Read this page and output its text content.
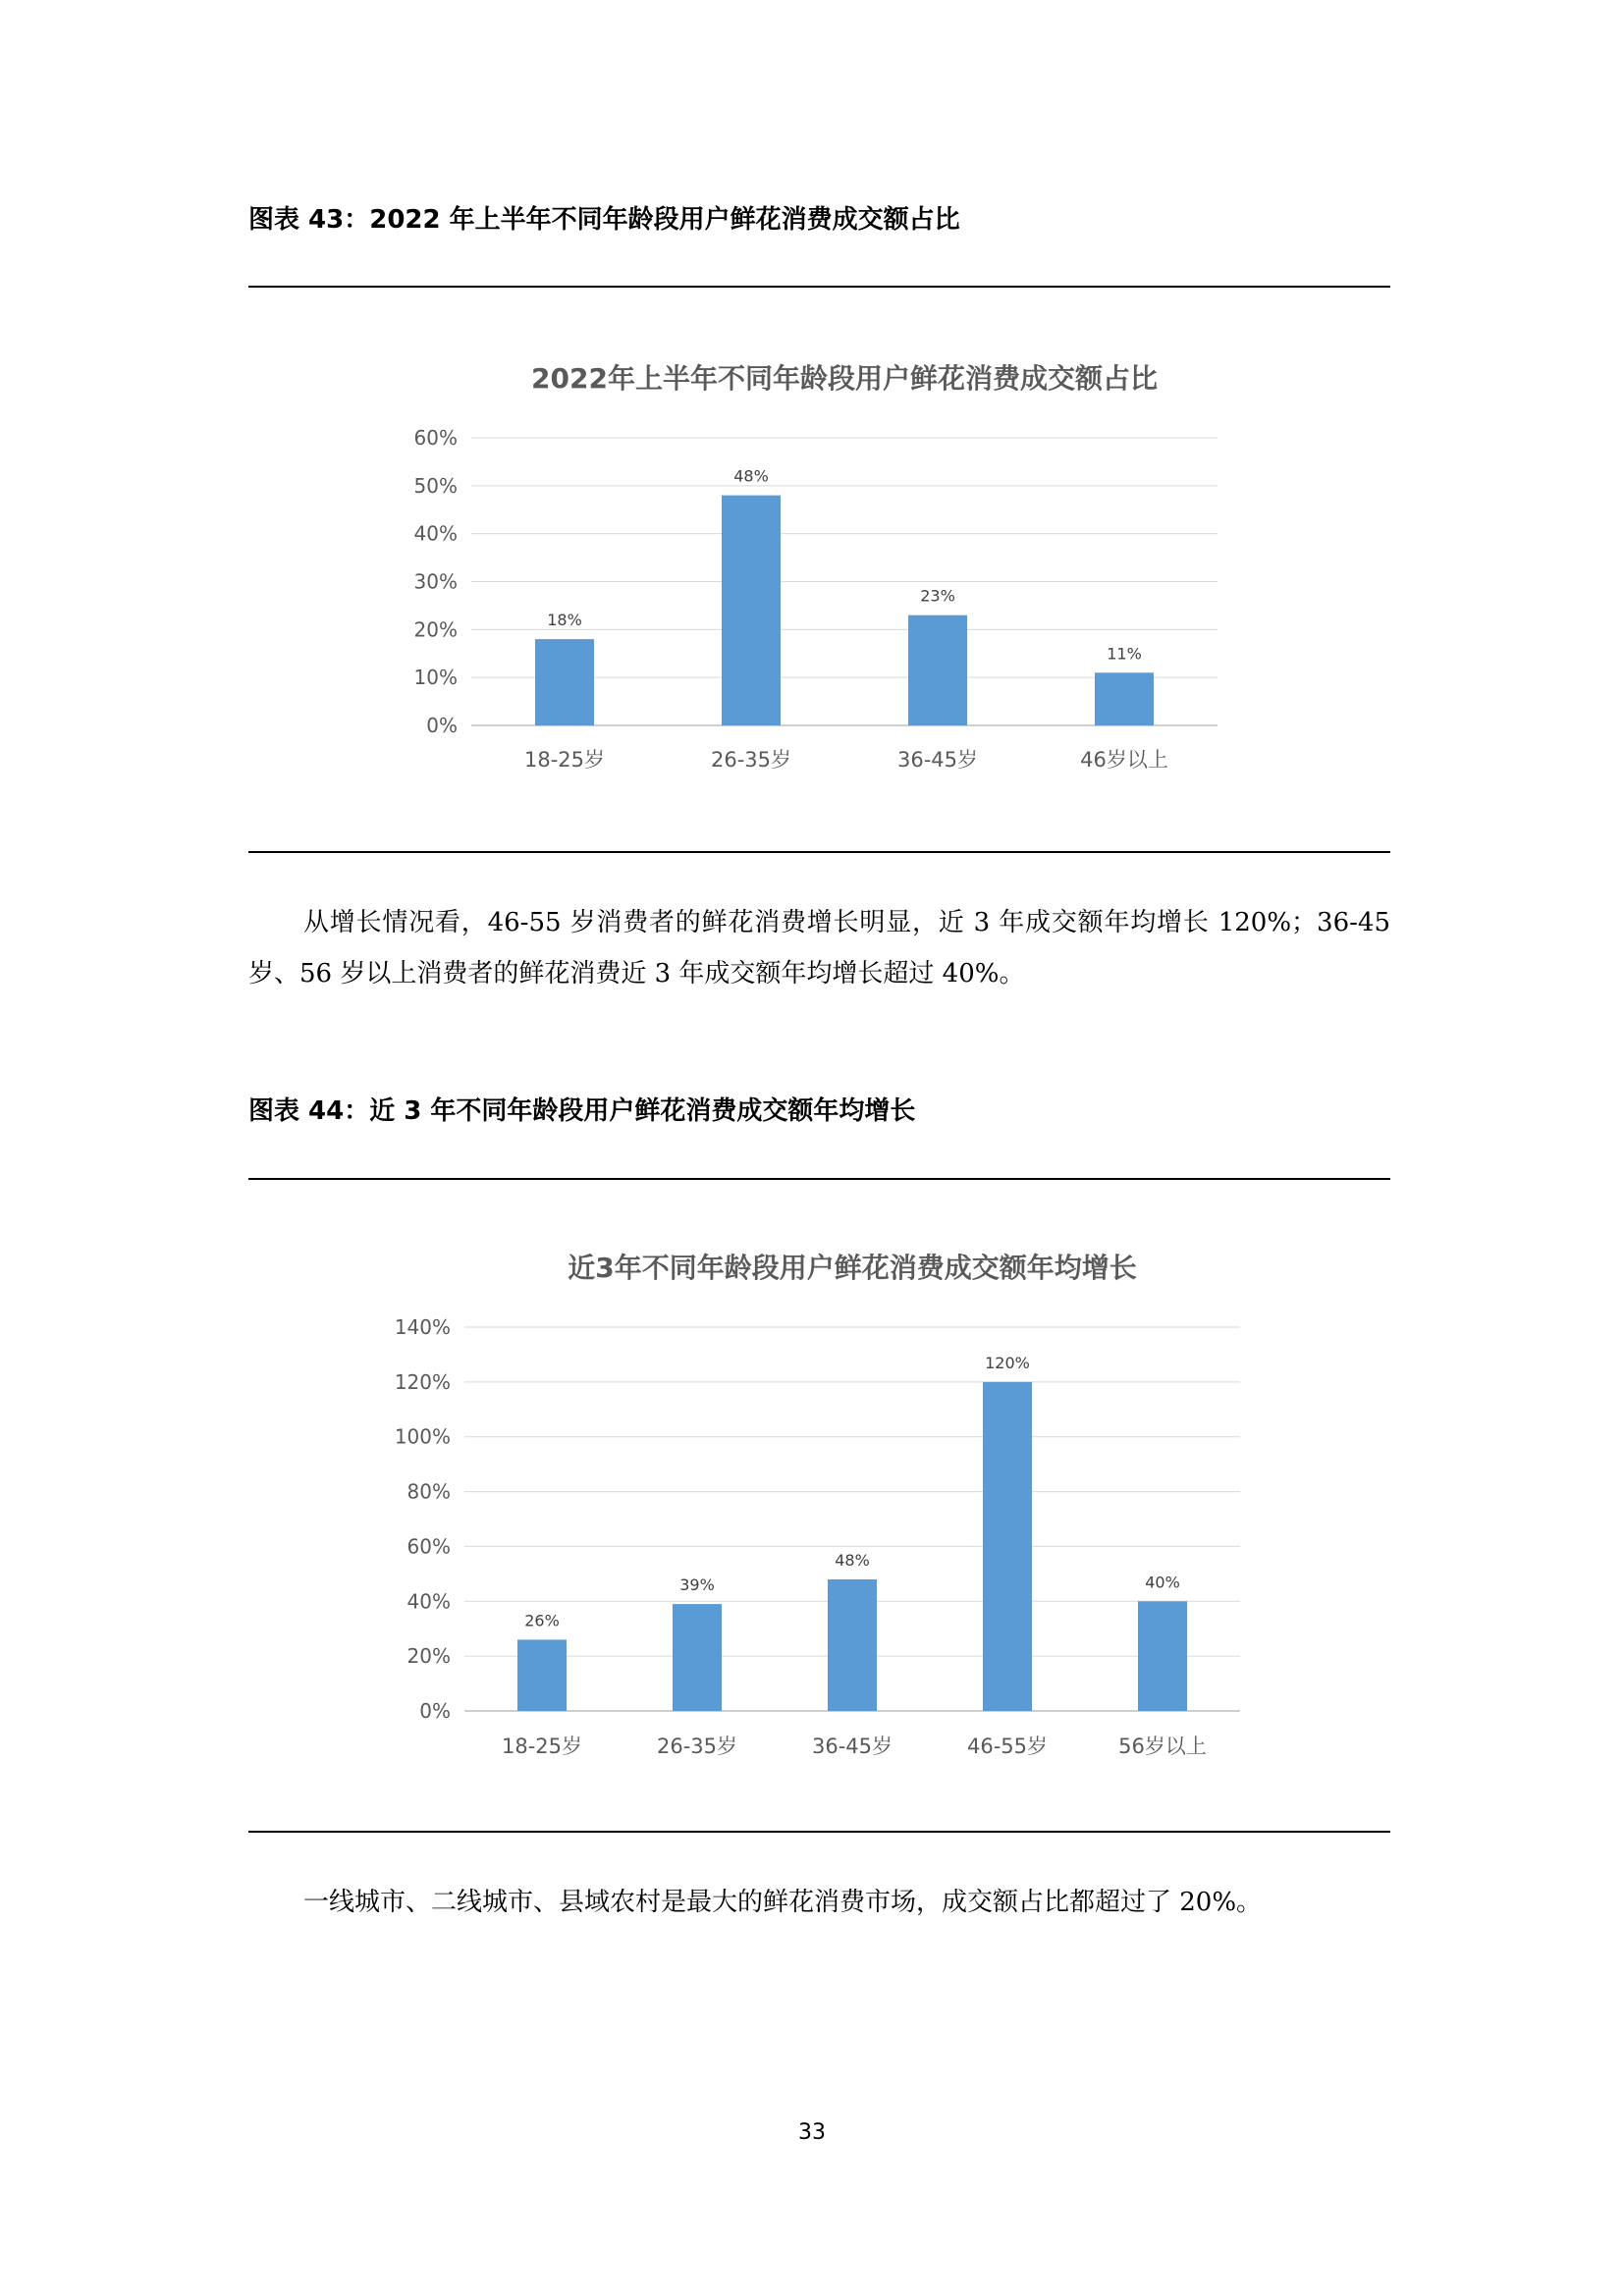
图表 43：2022 年上半年不同年龄段用户鲜花消费成交额占比
2022年上半年不同年龄段用户鲜花消费成交额占比
0%
10%
20%
30%
40%
50%
60%
18%
18-25岁
48%
26-35岁
23%
36-45岁
11%
46岁以上

从增长情况看，46-55 岁消费者的鲜花消费增长明显，近 3 年成交额年均增长 120%；36-45 岁、56 岁以上消费者的鲜花消费近 3 年成交额年均增长超过 40%。

图表 44：近 3 年不同年龄段用户鲜花消费成交额年均增长
近3年不同年龄段用户鲜花消费成交额年均增长
0%
20%
40%
60%
80%
100%
120%
140%
26%
18-25岁
39%
26-35岁
48%
36-45岁
120%
46-55岁
40%
56岁以上

一线城市、二线城市、县域农村是最大的鲜花消费市场，成交额占比都超过了 20%。

33
